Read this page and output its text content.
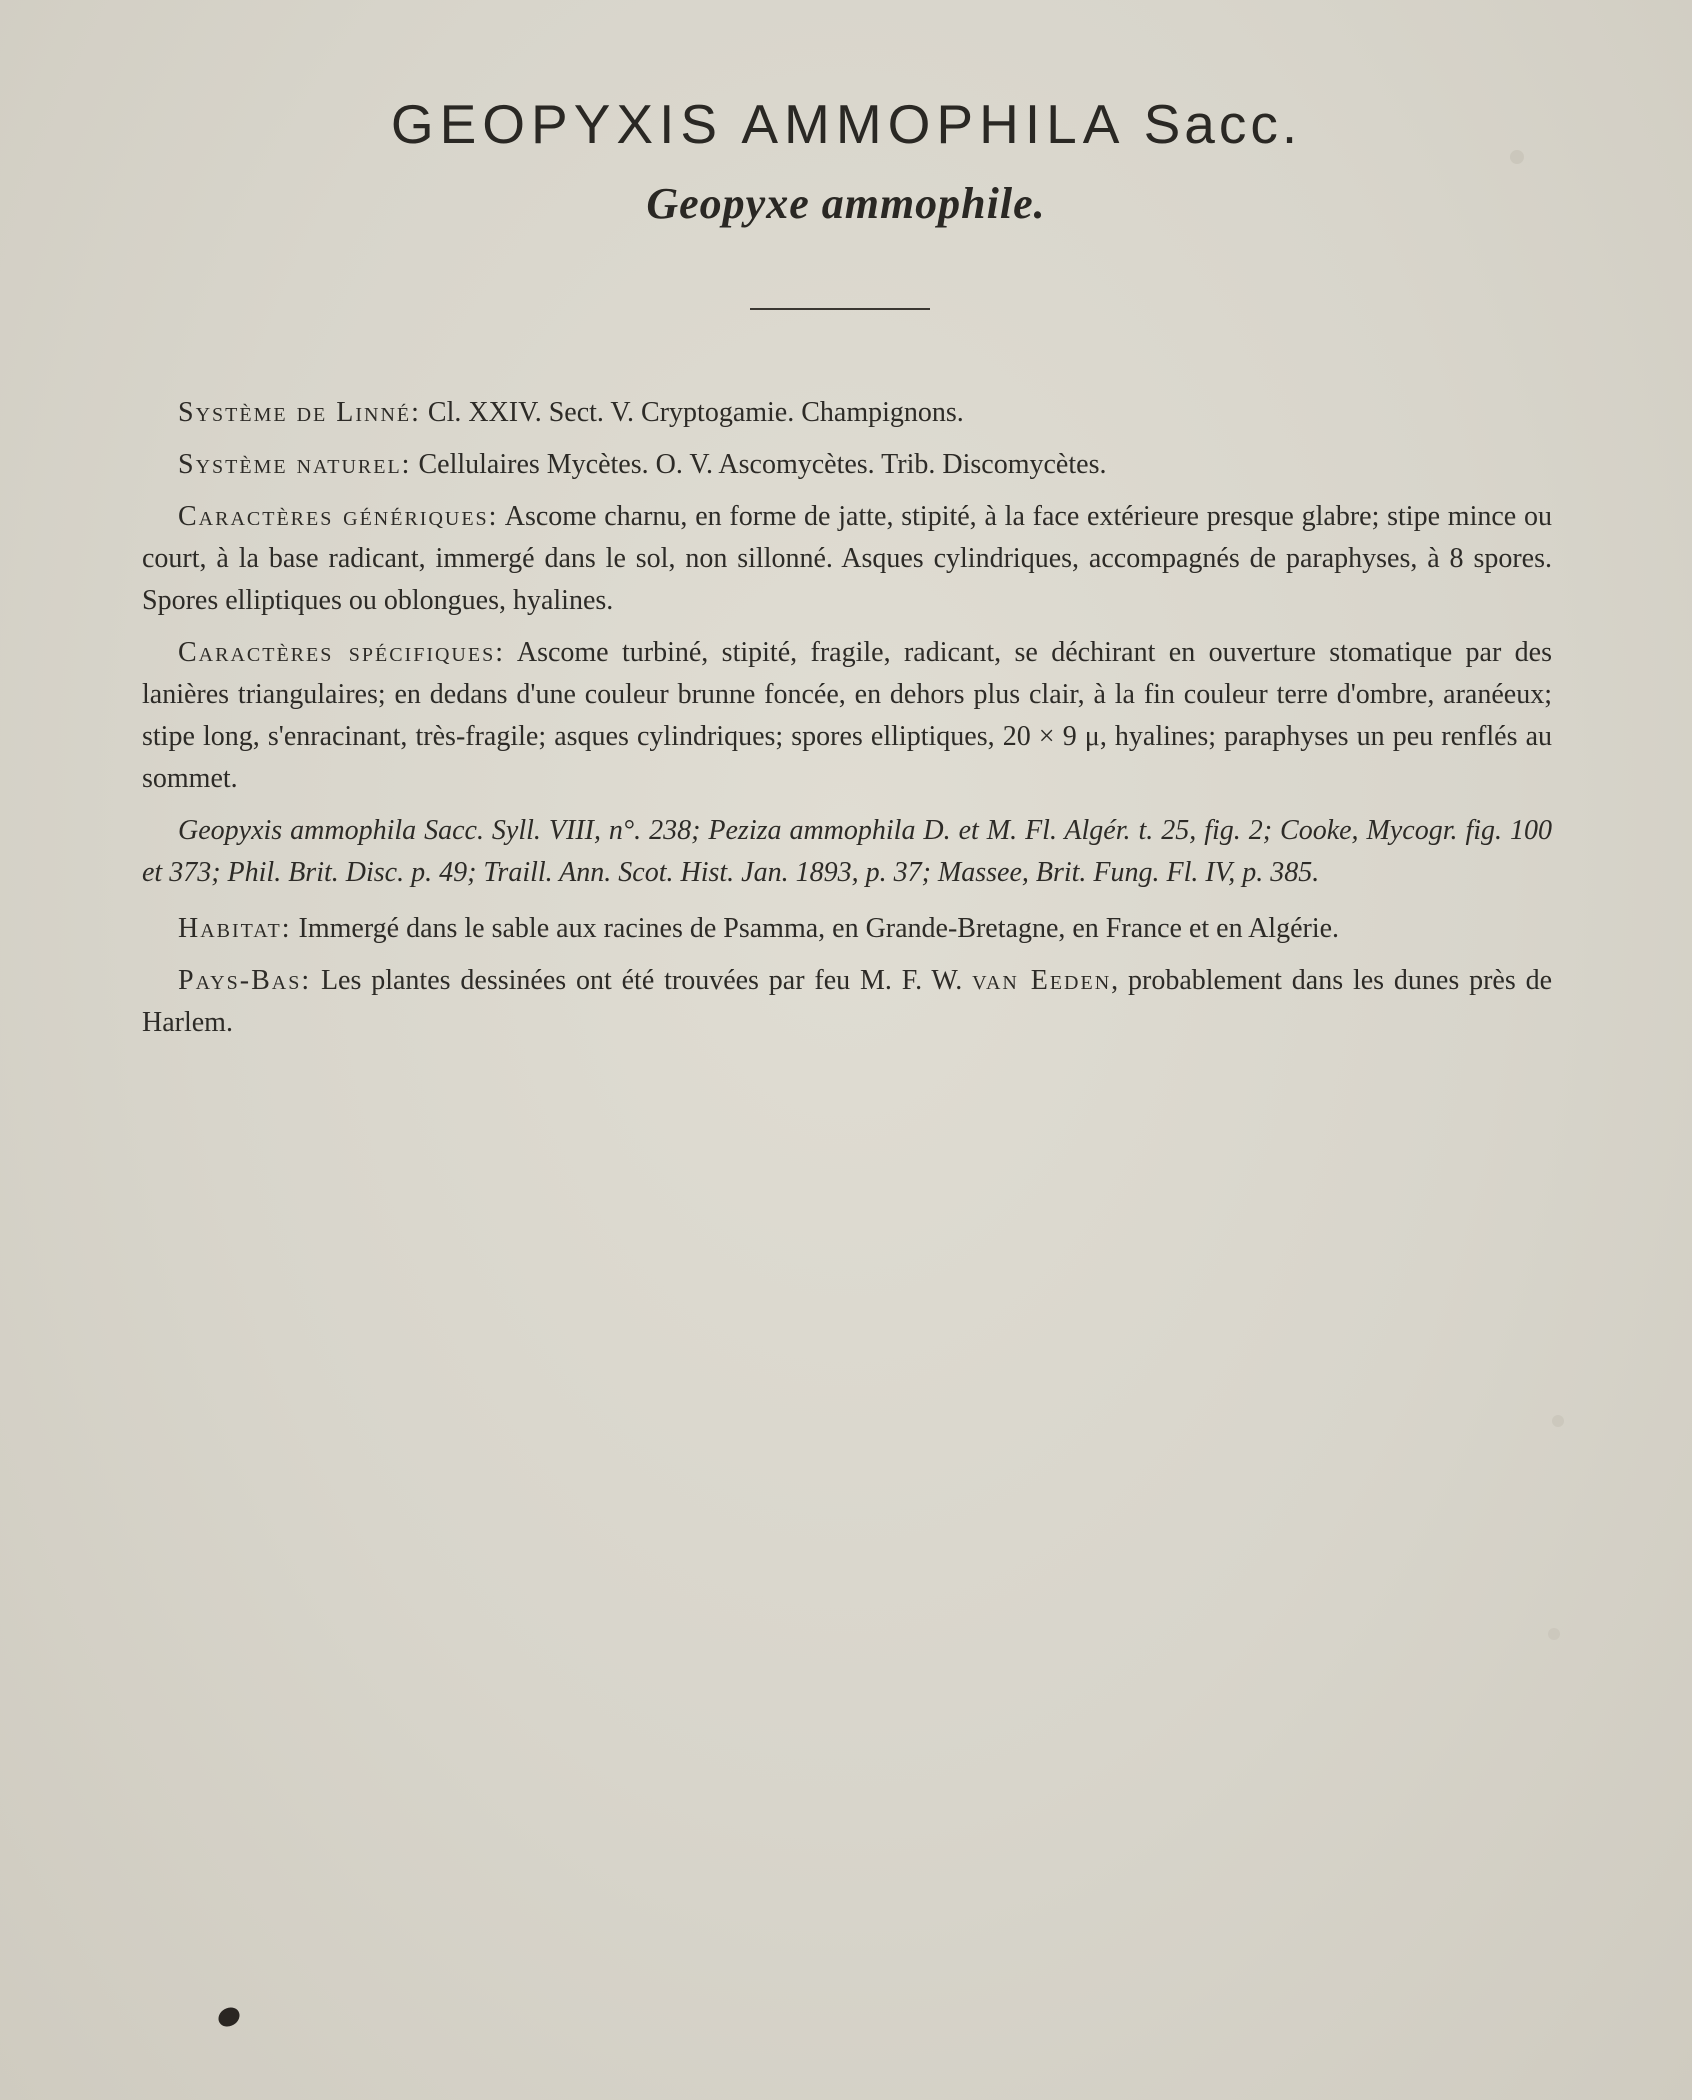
GEOPYXIS AMMOPHILA Sacc.
Geopyxe ammophile.

Système de Linné: Cl. XXIV. Sect. V. Cryptogamie. Champignons.

Système naturel: Cellulaires Mycètes. O. V. Ascomycètes. Trib. Discomycètes.

Caractères génériques: Ascome charnu, en forme de jatte, stipité, à la face extérieure presque glabre; stipe mince ou court, à la base radicant, immergé dans le sol, non sillonné. Asques cylindriques, accompagnés de paraphyses, à 8 spores. Spores elliptiques ou oblongues, hyalines.

Caractères spécifiques: Ascome turbiné, stipité, fragile, radicant, se déchirant en ouverture stomatique par des lanières triangulaires; en dedans d'une couleur brunne foncée, en dehors plus clair, à la fin couleur terre d'ombre, aranéeux; stipe long, s'enracinant, très-fragile; asques cylindriques; spores elliptiques, 20 × 9 μ, hyalines; paraphyses un peu renflés au sommet.

Geopyxis ammophila Sacc. Syll. VIII, n°. 238; Peziza ammophila D. et M. Fl. Algér. t. 25, fig. 2; Cooke, Mycogr. fig. 100 et 373; Phil. Brit. Disc. p. 49; Traill. Ann. Scot. Hist. Jan. 1893, p. 37; Massee, Brit. Fung. Fl. IV, p. 385.

Habitat: Immergé dans le sable aux racines de Psamma, en Grande-Bretagne, en France et en Algérie.

Pays-Bas: Les plantes dessinées ont été trouvées par feu M. F. W. van Eeden, probablement dans les dunes près de Harlem.
